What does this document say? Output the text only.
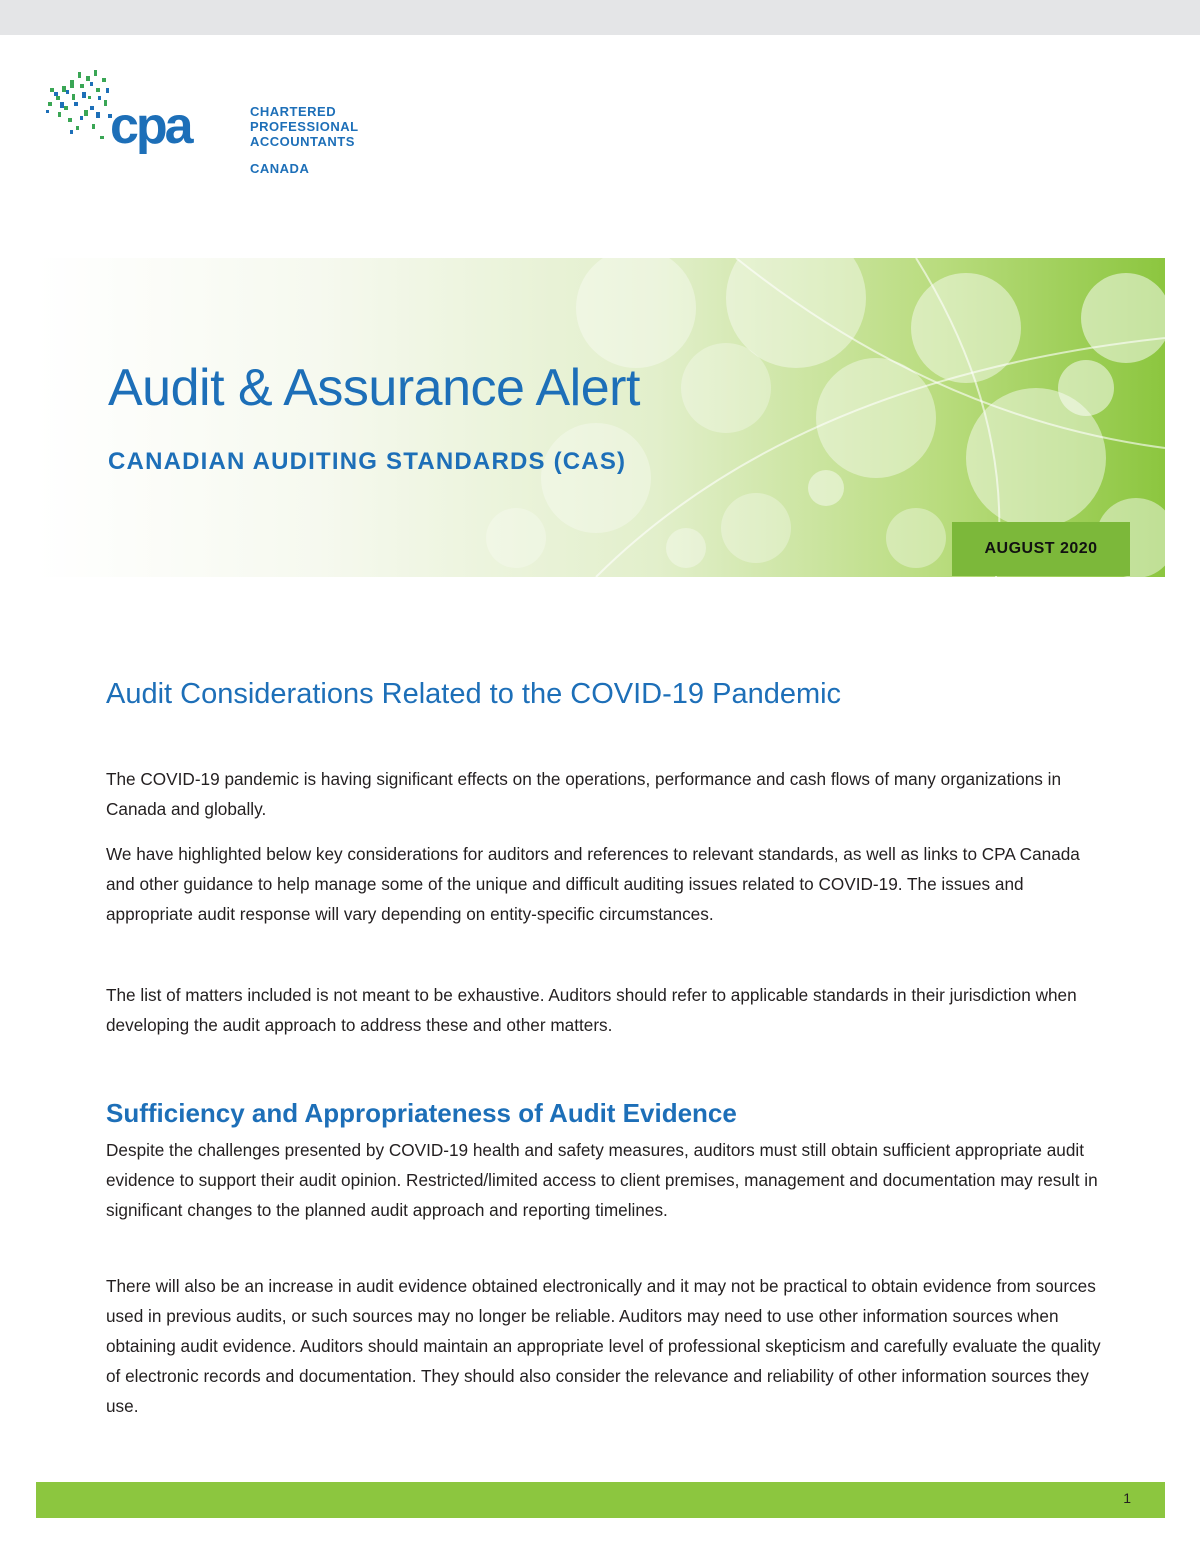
cpa	CHARTERED
PROFESSIONAL
ACCOUNTANTS
CANADA
Audit & Assurance Alert
CANADIAN AUDITING STANDARDS (CAS)
AUGUST 2020
Audit Considerations Related to the COVID-19 Pandemic

The COVID-19 pandemic is having significant effects on the operations, performance and cash flows of many organizations in Canada and globally.

We have highlighted below key considerations for auditors and references to relevant standards, as well as links to CPA Canada and other guidance to help manage some of the unique and difficult auditing issues related to COVID-19. The issues and appropriate audit response will vary depending on entity-specific circumstances.

The list of matters included is not meant to be exhaustive. Auditors should refer to applicable standards in their jurisdiction when developing the audit approach to address these and other matters.

Sufficiency and Appropriateness of Audit Evidence

Despite the challenges presented by COVID-19 health and safety measures, auditors must still obtain sufficient appropriate audit evidence to support their audit opinion. Restricted/limited access to client premises, management and documentation may result in significant changes to the planned audit approach and reporting timelines.

There will also be an increase in audit evidence obtained electronically and it may not be practical to obtain evidence from sources used in previous audits, or such sources may no longer be reliable. Auditors may need to use other information sources when obtaining audit evidence. Auditors should maintain an appropriate level of professional skepticism and carefully evaluate the quality of electronic records and documentation. They should also consider the relevance and reliability of other information sources they use.

1
